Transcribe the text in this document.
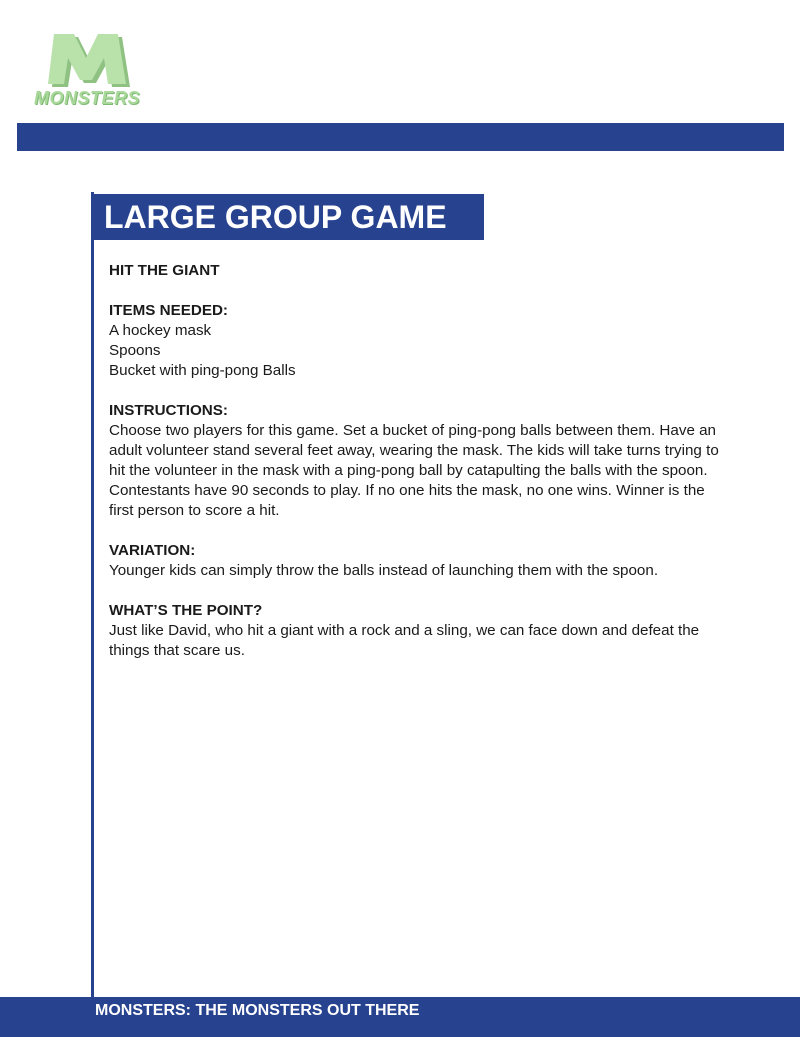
MONSTERS
LARGE GROUP GAME

HIT THE GIANT

ITEMS NEEDED:

A hockey mask

Spoons

Bucket with ping-pong Balls

INSTRUCTIONS:

Choose two players for this game. Set a bucket of ping-pong balls between them. Have an adult volunteer stand several feet away, wearing the mask. The kids will take turns trying to hit the volunteer in the mask with a ping-pong ball by catapulting the balls with the spoon. Contestants have 90 seconds to play. If no one hits the mask, no one wins. Winner is the first person to score a hit.

VARIATION:

Younger kids can simply throw the balls instead of launching them with the spoon.

WHAT’S THE POINT?

Just like David, who hit a giant with a rock and a sling, we can face down and defeat the things that scare us.

MONSTERS: THE MONSTERS OUT THERE
